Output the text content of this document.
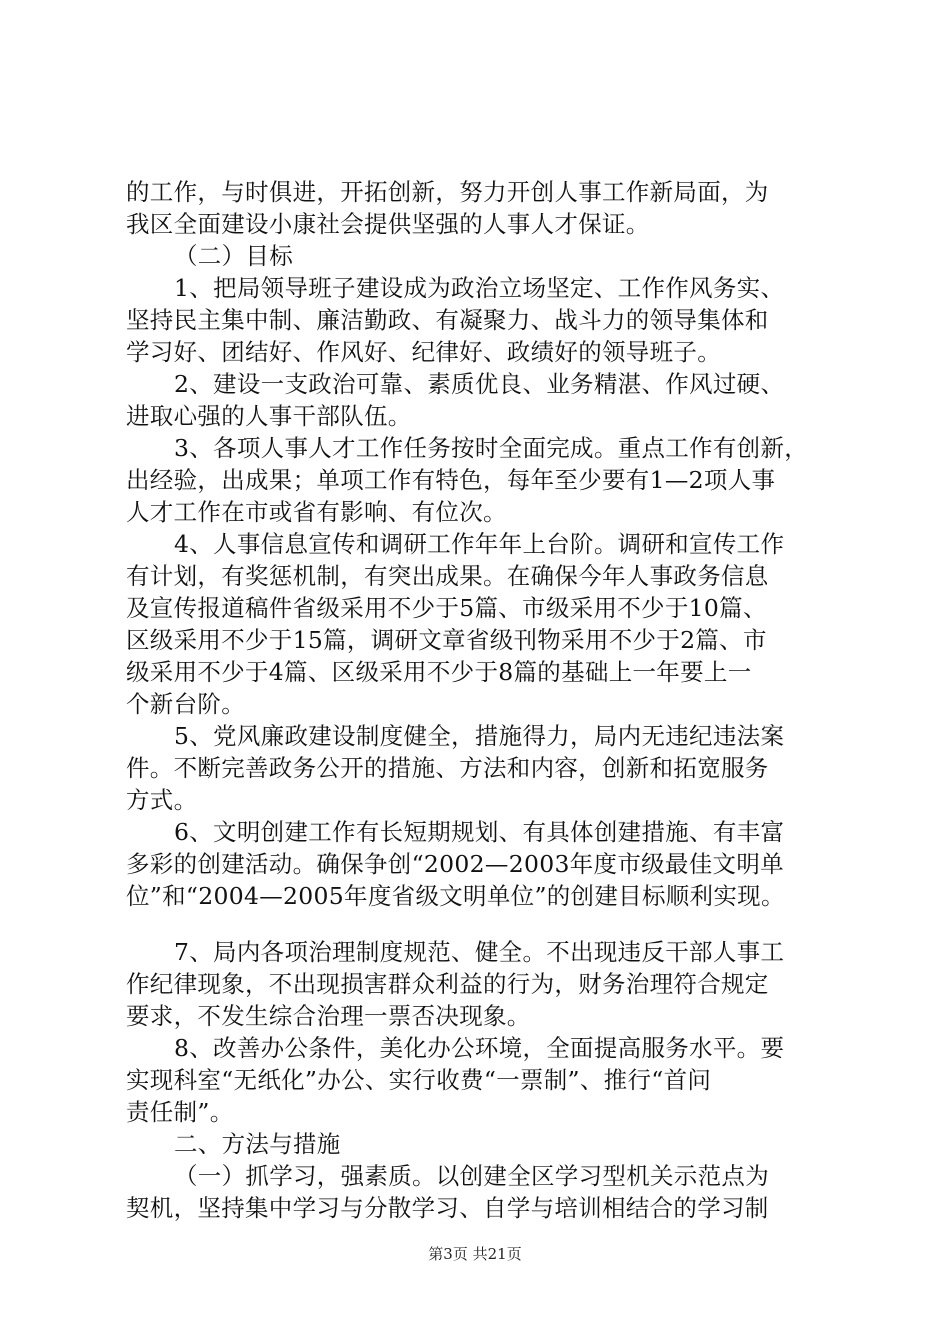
的工作，与时俱进，开拓创新，努力开创人事工作新局面，为
我区全面建设小康社会提供坚强的人事人才保证。
（二）目标
1、把局领导班子建设成为政治立场坚定、工作作风务实、
坚持民主集中制、廉洁勤政、有凝聚力、战斗力的领导集体和
学习好、团结好、作风好、纪律好、政绩好的领导班子。
2、建设一支政治可靠、素质优良、业务精湛、作风过硬、
进取心强的人事干部队伍。
3、各项人事人才工作任务按时全面完成。重点工作有创新，
出经验，出成果；单项工作有特色，每年至少要有1—2项人事
人才工作在市或省有影响、有位次。
4、人事信息宣传和调研工作年年上台阶。调研和宣传工作
有计划，有奖惩机制，有突出成果。在确保今年人事政务信息
及宣传报道稿件省级采用不少于5篇、市级采用不少于10篇、
区级采用不少于15篇，调研文章省级刊物采用不少于2篇、市
级采用不少于4篇、区级采用不少于8篇的基础上一年要上一
个新台阶。
5、党风廉政建设制度健全，措施得力，局内无违纪违法案
件。不断完善政务公开的措施、方法和内容，创新和拓宽服务
方式。
6、文明创建工作有长短期规划、有具体创建措施、有丰富
多彩的创建活动。确保争创“2002—2003年度市级最佳文明单
位”和“2004—2005年度省级文明单位”的创建目标顺利实现。
7、局内各项治理制度规范、健全。不出现违反干部人事工
作纪律现象，不出现损害群众利益的行为，财务治理符合规定
要求，不发生综合治理一票否决现象。
8、改善办公条件，美化办公环境，全面提高服务水平。要
实现科室“无纸化”办公、实行收费“一票制”、推行“首问
责任制”。
二、方法与措施
（一）抓学习，强素质。以创建全区学习型机关示范点为
契机，坚持集中学习与分散学习、自学与培训相结合的学习制
第3页 共21页
